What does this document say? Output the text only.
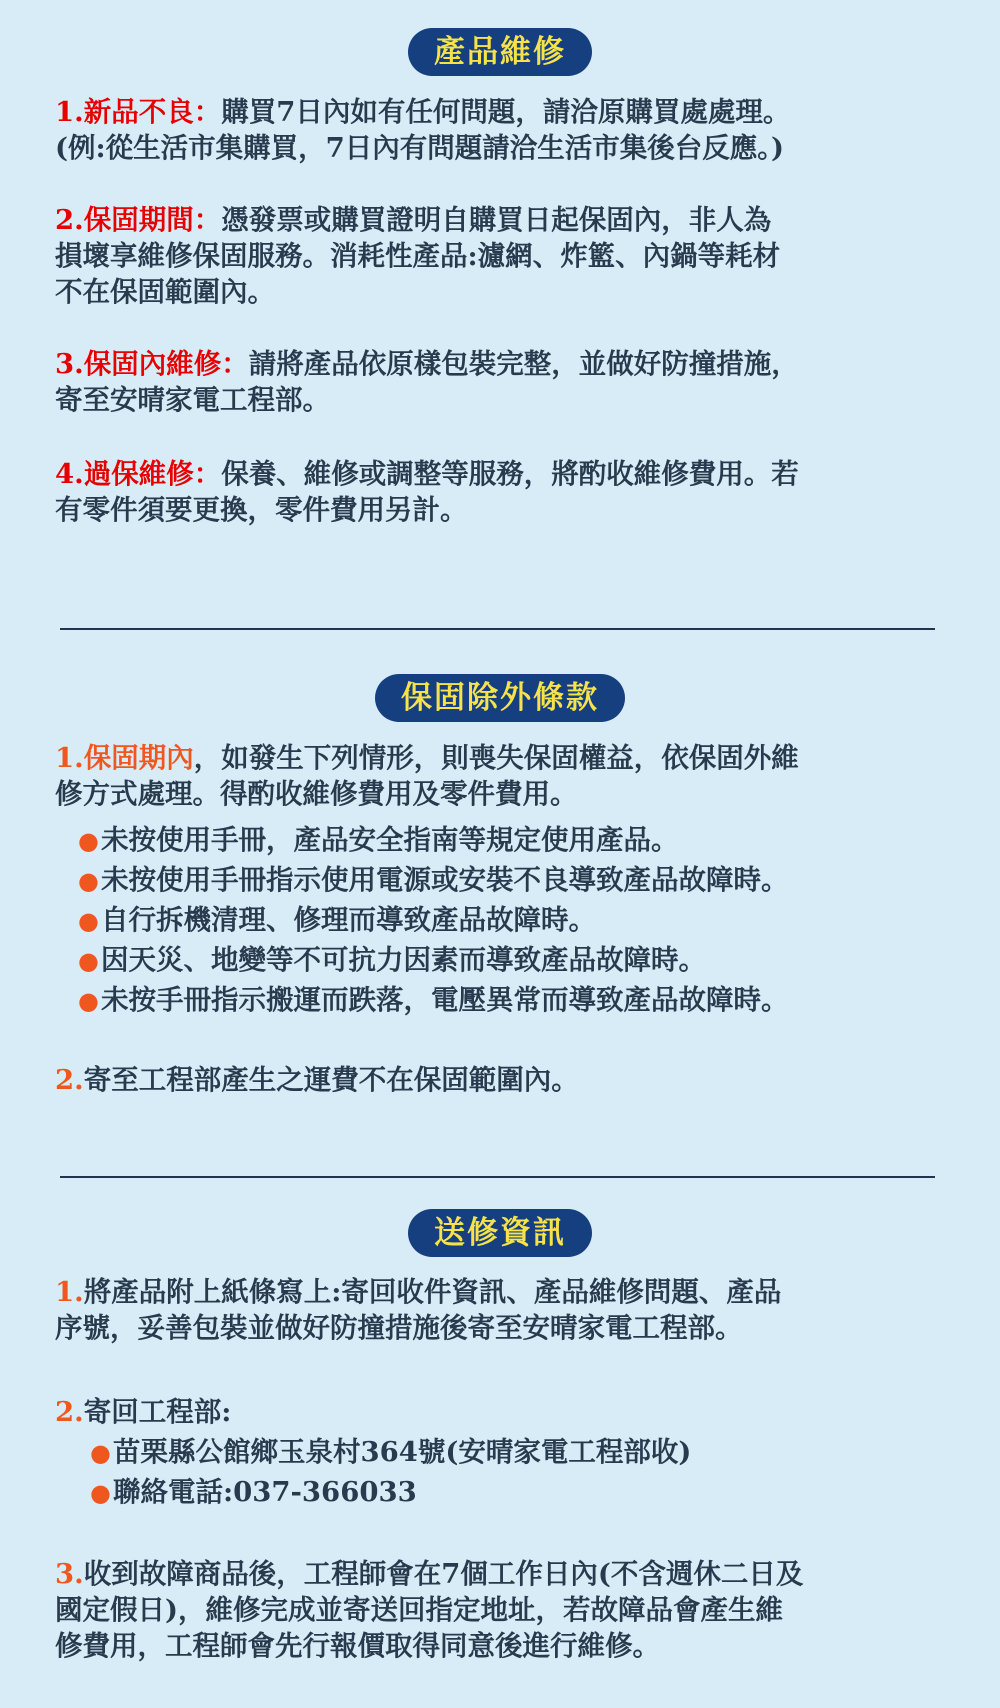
產品維修
1.新品不良：購買7日內如有任何問題，請洽原購買處處理。
(例:從生活市集購買，7日內有問題請洽生活市集後台反應。)
2.保固期間：憑發票或購買證明自購買日起保固內，非人為
損壞享維修保固服務。消耗性產品:濾網、炸籃、內鍋等耗材
不在保固範圍內。
3.保固內維修：請將產品依原樣包裝完整，並做好防撞措施，
寄至安晴家電工程部。
4.過保維修：保養、維修或調整等服務，將酌收維修費用。若
有零件須要更換，零件費用另計。
保固除外條款
1.保固期內，如發生下列情形，則喪失保固權益，依保固外維
修方式處理。得酌收維修費用及零件費用。
●未按使用手冊，產品安全指南等規定使用產品。
●未按使用手冊指示使用電源或安裝不良導致產品故障時。
●自行拆機清理、修理而導致產品故障時。
●因天災、地變等不可抗力因素而導致產品故障時。
●未按手冊指示搬運而跌落，電壓異常而導致產品故障時。
2.寄至工程部產生之運費不在保固範圍內。
送修資訊
1.將產品附上紙條寫上:寄回收件資訊、產品維修問題、產品
序號，妥善包裝並做好防撞措施後寄至安晴家電工程部。
2.寄回工程部:
●苗栗縣公館鄉玉泉村364號(安晴家電工程部收)
●聯絡電話:037-366033
3.收到故障商品後，工程師會在7個工作日內(不含週休二日及
國定假日)，維修完成並寄送回指定地址，若故障品會產生維
修費用，工程師會先行報價取得同意後進行維修。
